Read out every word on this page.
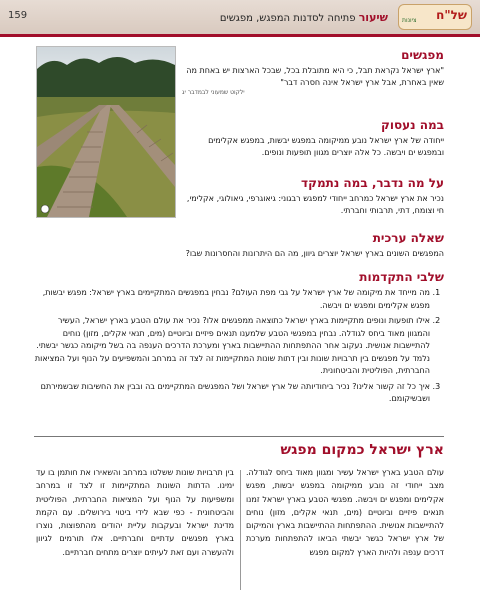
159	שיעור פתיחה לסדנות המפגש, מפגשים	של"ח
ציונות
מפגשים

"ארץ ישראל נקראת תבל, כי היא מתובלת בכל, שבכל הארצות יש באחת מה שאין באחרת, אבל ארץ ישראל אינה חסרה דבר"

ילקוט שמעוני לבמדבר יג
במה נעסוק

ייחודה של ארץ ישראל נובע ממיקומה במפגש יבשות, במפגש אקלימים ובמפגש ים ויבשה. כל אלה יוצרים מגוון תופעות ונופים.

על מה נדבר, במה נתמקד

נכיר את ארץ ישראל כמרחב ייחודי למפגש רבגוני: גיאוגרפי, גיאולוגי, אקלימי, חי וצומח, דתי, תרבותי וחברתי.

שאלה ערכית

המפגשים השונים בארץ ישראל יוצרים גיוון, מה הם היתרונות והחסרונות שבו?

שלבי התקדמות
1. מה מייחד את מיקומה של ארץ ישראל על גבי מפת העולם? נבחין במפגשים המתקיימים בארץ ישראל: מפגש יבשות, מפגש אקלימים ומפגש ים ויבשה.
2. אילו תופעות ונופים מתקיימות בארץ ישראל כתוצאה ממפגשים אלו? נכיר את עולם הטבע בארץ ישראל, העשיר והמגוון מאוד ביחס לגודלה. נבחין במפגשי הטבע שלמענו תנאים פיזיים וביוטיים (מים, תנאי אקלים, מזון) נוחים להתיישבות אנושית. נעקוב אחר ההתפתחות ההתיישבות בארץ ומערכת הדרכים הענפה בה בשל מיקומה כגשר יבשתי. נלמד על מפגשים בין תרבויות שונות ובין דתות שונות המתקיימות זה לצד זה במרחב והמשפיעים על הנוף ועל המציאות החברתית, הפוליטית והביטחונית.
3. איך כל זה קשור אלינו? נכיר ביחודיותה של ארץ ישראל ושל המפגשים המתקיימים בה ובבין את החשיבות שבשמירתם ושבשיקומם.
ארץ ישראל כמקום מפגש
עולם הטבע בארץ ישראל עשיר ומגוון מאוד ביחס לגודלה. מצב ייחודי זה נובע ממיקומה במפגש יבשות, מפגש אקלימים ומפגש ים ויבשה. מפגשי הטבע בארץ ישראל זמנו תנאים פיזיים וביוטיים (מים, תנאי אקלים, מזון) נוחים להתיישבות אנושית. ההתפתחות ההתיישבות בארץ והמיקום של ארץ ישראל כגשר יבשתי הביאו להתפתחות מערכת דרכים ענפה ולהיות הארץ למקום מפגש
בין תרבויות שונות ששלטו במרחב והשאירו את חותמן בו עד ימינו. הדתות השונות המתקיימות זו לצד זו במרחב ומשפיעות על הנוף ועל המציאות החברתית, הפוליטית והביטחונית - כפי שבא לידי ביטוי בירושלים. עם הקמת מדינת ישראל ובעקבות עליית יהודים מהתפוצות, נוצרו בארץ מפגשים עדתיים וחברתיים. אלו תורמים לגיוון ולהעשרה ועם זאת לעיתים יוצרים מתחים חברתיים.
